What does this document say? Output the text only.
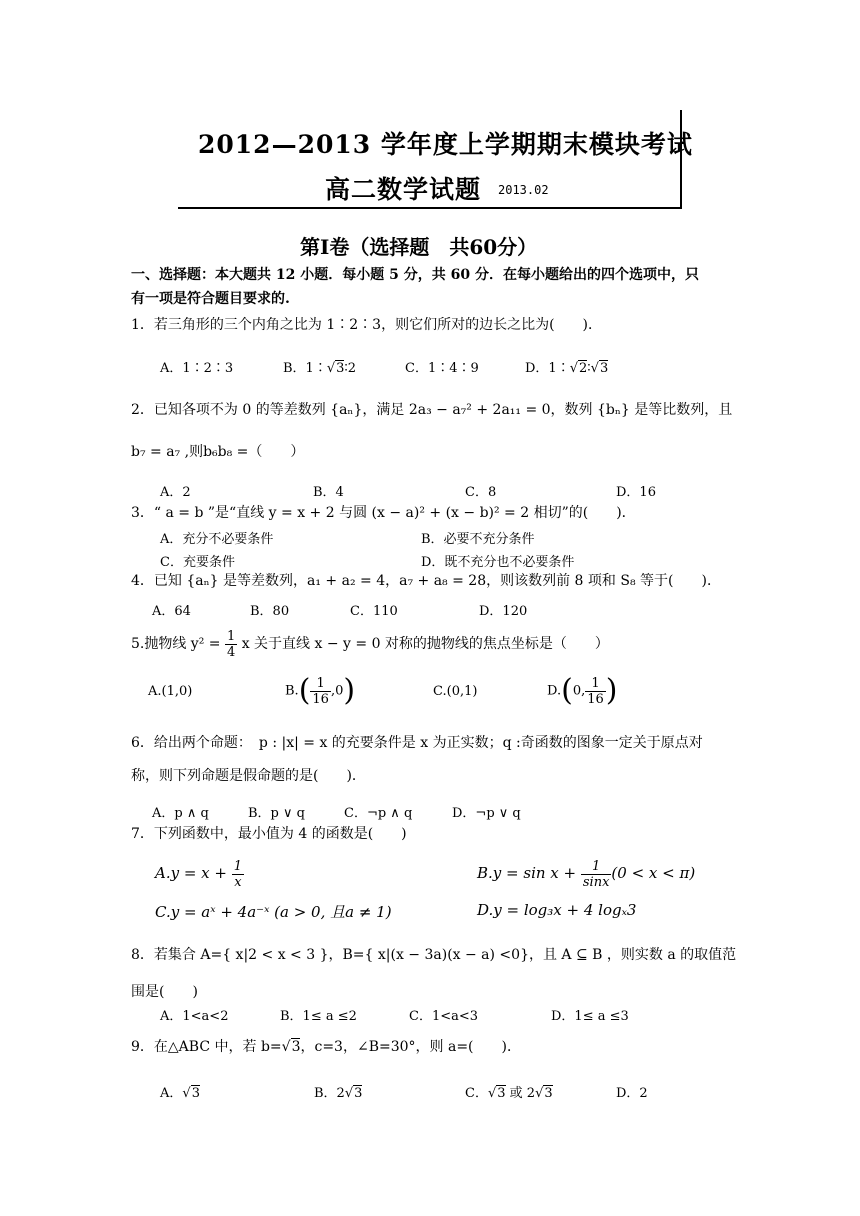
2012—2013 学年度上学期期末模块考试
高二数学试题 2013.02
第Ⅰ卷（选择题　共60分）
一、选择题：本大题共 12 小题．每小题 5 分，共 60 分．在每小题给出的四个选项中，只
有一项是符合题目要求的.
1．若三角形的三个内角之比为 1∶2∶3，则它们所对的边长之比为(　　)．
A．1∶2∶3	B．1∶√3∶2	C．1∶4∶9	D．1∶√2∶√3
2．已知各项不为 0 的等差数列 {aₙ}，满足 2a₃ − a₇² + 2a₁₁ = 0，数列 {bₙ} 是等比数列，且
b₇ = a₇ ,则b₆b₈ =（　　）
A．2	B．4	C．8	D．16
3．“ a = b ”是“直线 y = x + 2 与圆 (x − a)² + (x − b)² = 2 相切”的(　　)．
A．充分不必要条件	B．必要不充分条件
C．充要条件	D．既不充分也不必要条件
4．已知 {aₙ} 是等差数列，a₁ + a₂ = 4，a₇ + a₈ = 28，则该数列前 8 项和 S₈ 等于(　　)．
A．64	B．80	C．110	D．120
5.抛物线 $y^2 = \frac{1}{4}$ x 关于直线 x − y = 0 对称的抛物线的焦点坐标是（　　）
A.(1,0)	$B.( \frac{1}{16} ,0)$	C.(0,1)	D.(0, $\frac{1}{16}$ )
6．给出两个命题：　p : |x| = x 的充要条件是 x 为正实数；q :奇函数的图象一定关于原点对
称，则下列命题是假命题的是(　　)．
A．p ∧ q	B．p ∨ q	C．¬p ∧ q	D．¬p ∨ q
7．下列函数中，最小值为 4 的函数是(　　)
$A.y = x + \frac{1}{x}$	$B.y = \sin x + \frac{1}{\sin x} (0 < x < \pi)$
C.y = aˣ + 4a⁻ˣ (a > 0, 且a ≠ 1)	D.y = log₃x + 4 logₓ3
8．若集合 A={ x|2 < x < 3 }，B={ x|(x − 3a)(x − a) <0}，且 A ⊆ B ，则实数 a 的取值范
围是(　　)
A．1<a<2	B．1≤ a ≤2	C．1<a<3	D．1≤ a ≤3
9．在△ABC 中，若 b=√3，c=3，∠B=30°，则 a=(　　)．
A．√3	B．2√3	C．√3 或 2√3	D．2
